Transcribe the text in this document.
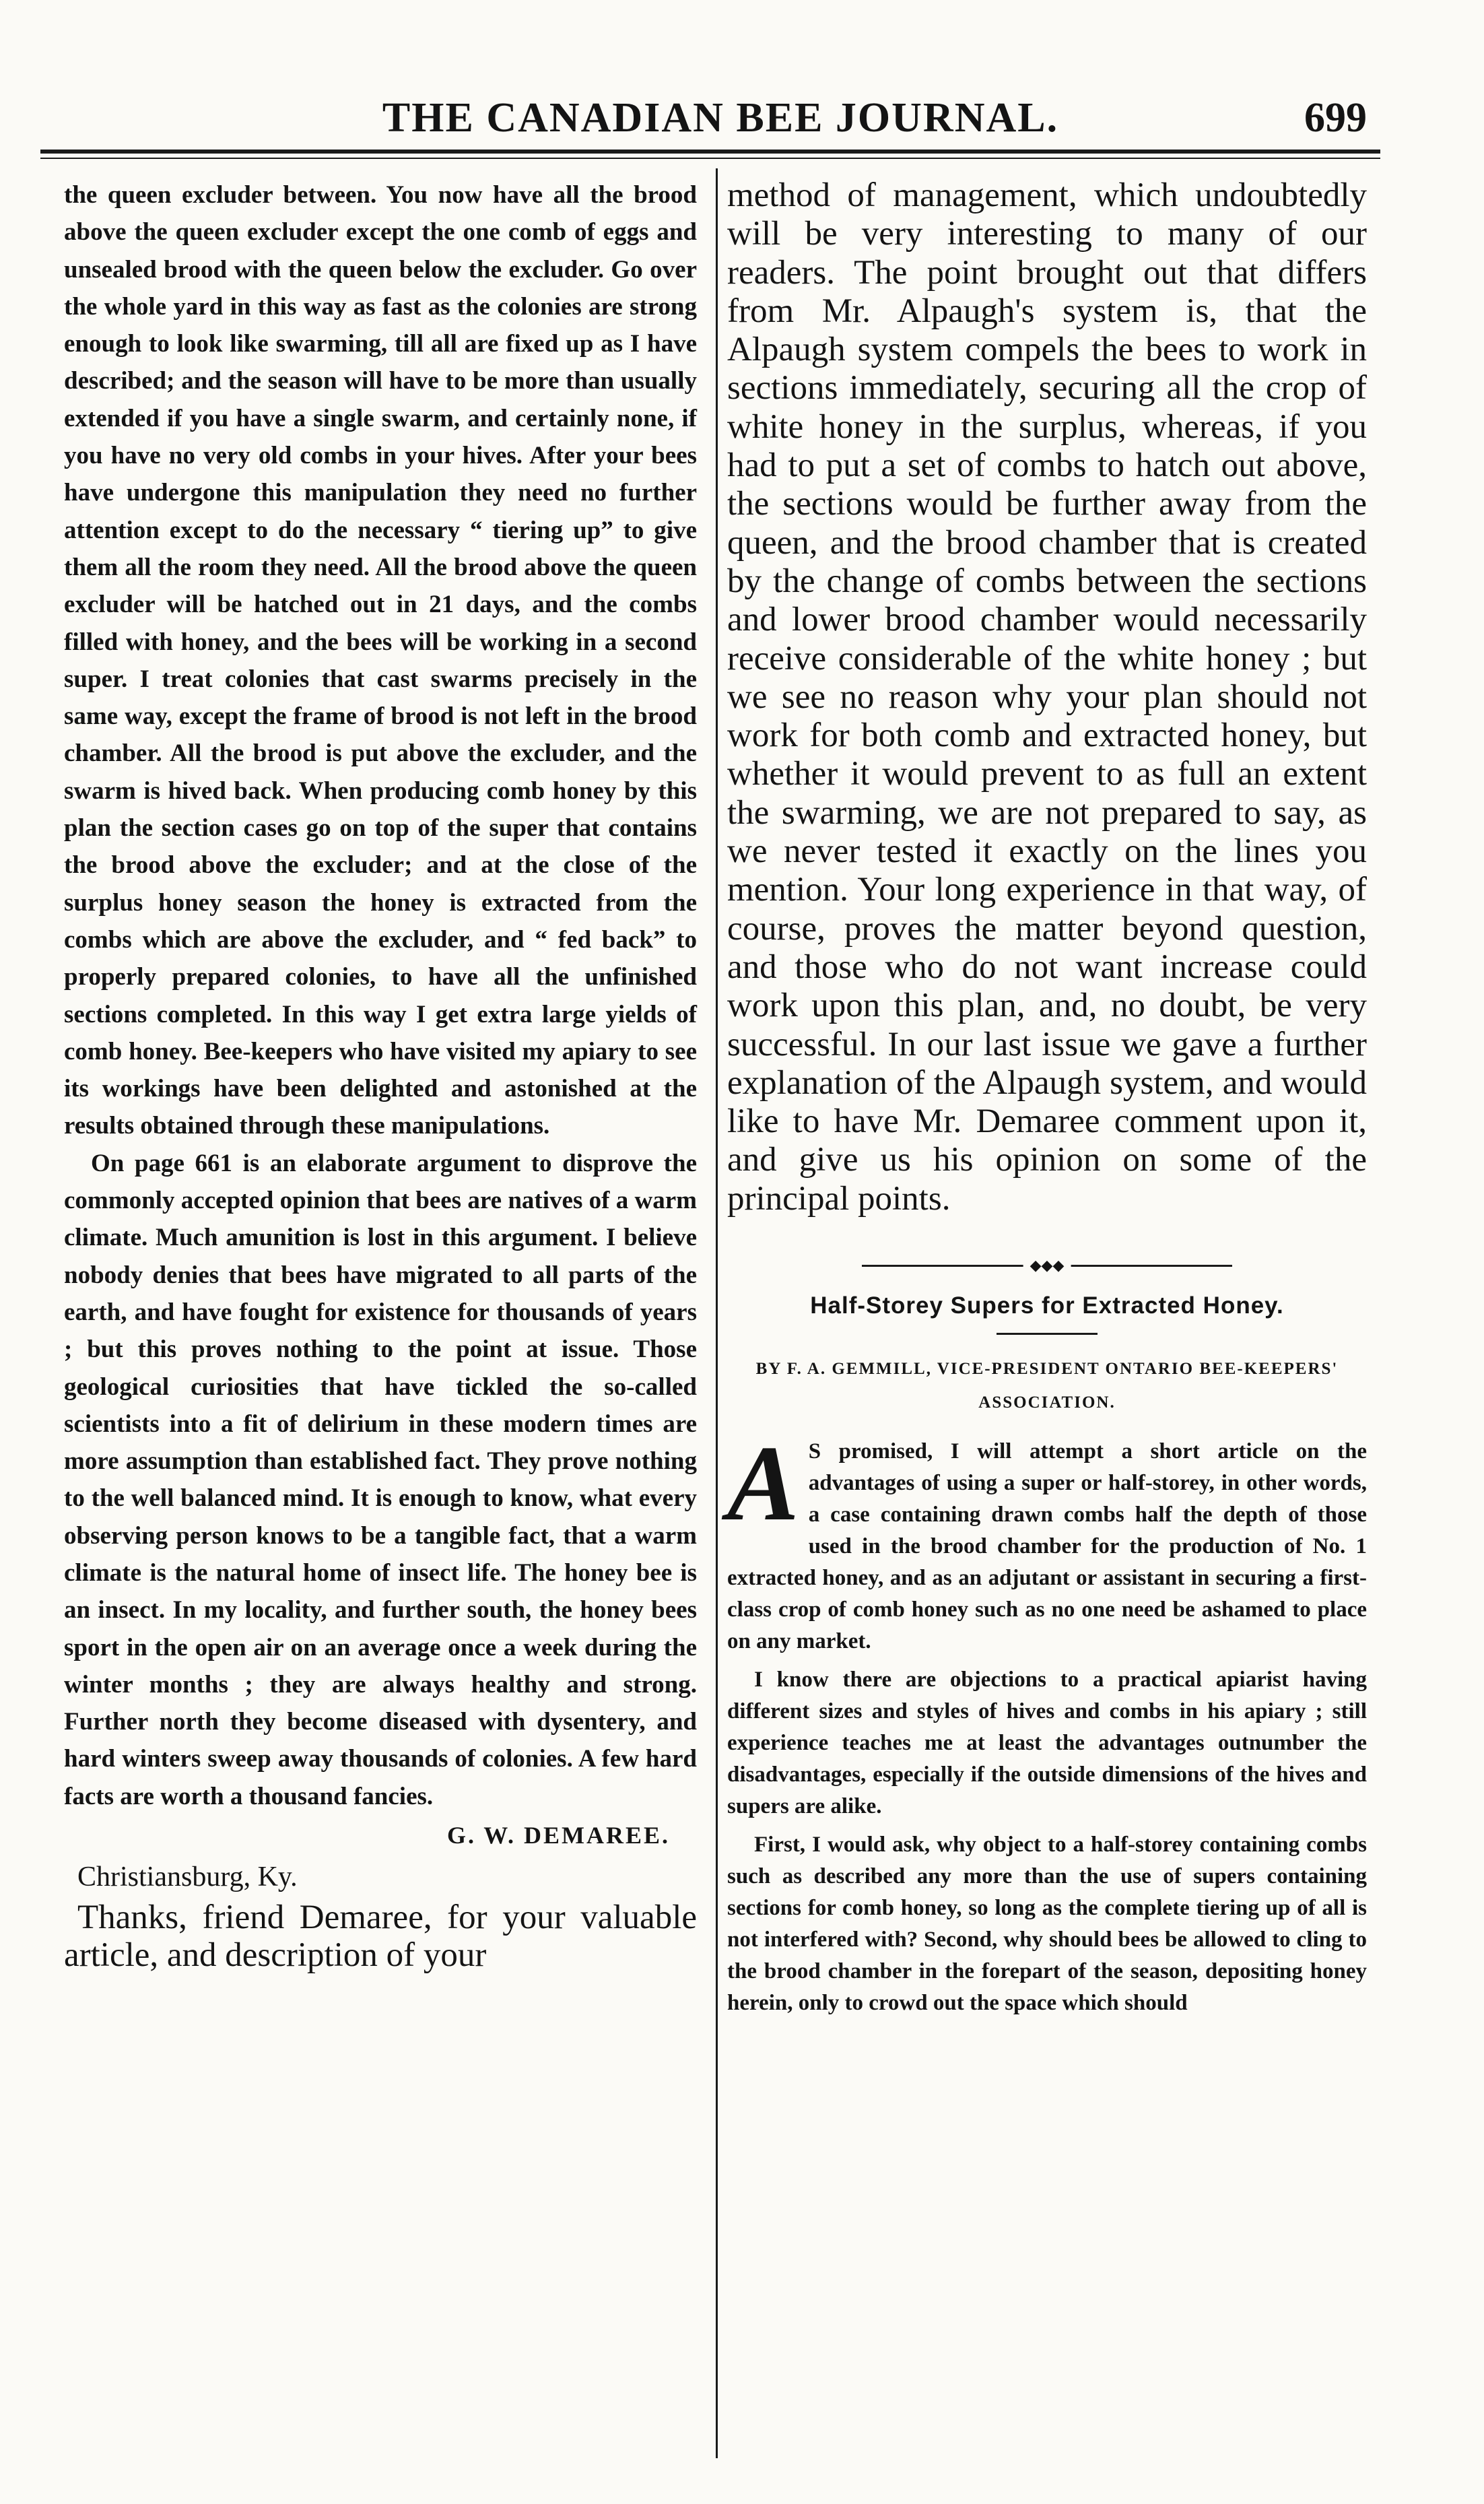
THE CANADIAN BEE JOURNAL.	699

the queen excluder between. You now have all the brood above the queen excluder except the one comb of eggs and unsealed brood with the queen below the excluder. Go over the whole yard in this way as fast as the colonies are strong enough to look like swarming, till all are fixed up as I have described; and the season will have to be more than usually extended if you have a single swarm, and certainly none, if you have no very old combs in your hives. After your bees have undergone this manipulation they need no further attention except to do the necessary “ tiering up” to give them all the room they need. All the brood above the queen excluder will be hatched out in 21 days, and the combs filled with honey, and the bees will be working in a second super. I treat colonies that cast swarms precisely in the same way, except the frame of brood is not left in the brood chamber. All the brood is put above the excluder, and the swarm is hived back. When producing comb honey by this plan the section cases go on top of the super that contains the brood above the excluder; and at the close of the surplus honey season the honey is extracted from the combs which are above the excluder, and “ fed back” to properly prepared colonies, to have all the unfinished sections completed. In this way I get extra large yields of comb honey. Bee-keepers who have visited my apiary to see its workings have been delighted and astonished at the results obtained through these manipulations.

On page 661 is an elaborate argument to disprove the commonly accepted opinion that bees are natives of a warm climate. Much amunition is lost in this argument. I believe nobody denies that bees have migrated to all parts of the earth, and have fought for existence for thousands of years ; but this proves nothing to the point at issue. Those geological curiosities that have tickled the so-called scientists into a fit of delirium in these modern times are more assumption than established fact. They prove nothing to the well balanced mind. It is enough to know, what every observing person knows to be a tangible fact, that a warm climate is the natural home of insect life. The honey bee is an insect. In my locality, and further south, the honey bees sport in the open air on an average once a week during the winter months ; they are always healthy and strong. Further north they become diseased with dysentery, and hard winters sweep away thousands of colonies. A few hard facts are worth a thousand fancies.

G. W. DEMAREE.

Christiansburg, Ky.

Thanks, friend Demaree, for your valuable article, and description of your

method of management, which undoubtedly will be very interesting to many of our readers. The point brought out that differs from Mr. Alpaugh's system is, that the Alpaugh system compels the bees to work in sections immediately, securing all the crop of white honey in the surplus, whereas, if you had to put a set of combs to hatch out above, the sections would be further away from the queen, and the brood chamber that is created by the change of combs between the sections and lower brood chamber would necessarily receive considerable of the white honey ; but we see no reason why your plan should not work for both comb and extracted honey, but whether it would prevent to as full an extent the swarming, we are not prepared to say, as we never tested it exactly on the lines you mention. Your long experience in that way, of course, proves the matter beyond question, and those who do not want increase could work upon this plan, and, no doubt, be very successful. In our last issue we gave a further explanation of the Alpaugh system, and would like to have Mr. Demaree comment upon it, and give us his opinion on some of the principal points.

◆◆◆
Half-Storey Supers for Extracted Honey.

BY F. A. GEMMILL, VICE-PRESIDENT ONTARIO BEE-KEEPERS' ASSOCIATION.

A S promised, I will attempt a short article on the advantages of using a super or half-storey, in other words, a case containing drawn combs half the depth of those used in the brood chamber for the production of No. 1 extracted honey, and as an adjutant or assistant in securing a first-class crop of comb honey such as no one need be ashamed to place on any market.

I know there are objections to a practical apiarist having different sizes and styles of hives and combs in his apiary ; still experience teaches me at least the advantages outnumber the disadvantages, especially if the outside dimensions of the hives and supers are alike.

First, I would ask, why object to a half-storey containing combs such as described any more than the use of supers containing sections for comb honey, so long as the complete tiering up of all is not interfered with? Second, why should bees be allowed to cling to the brood chamber in the forepart of the season, depositing honey herein, only to crowd out the space which should
